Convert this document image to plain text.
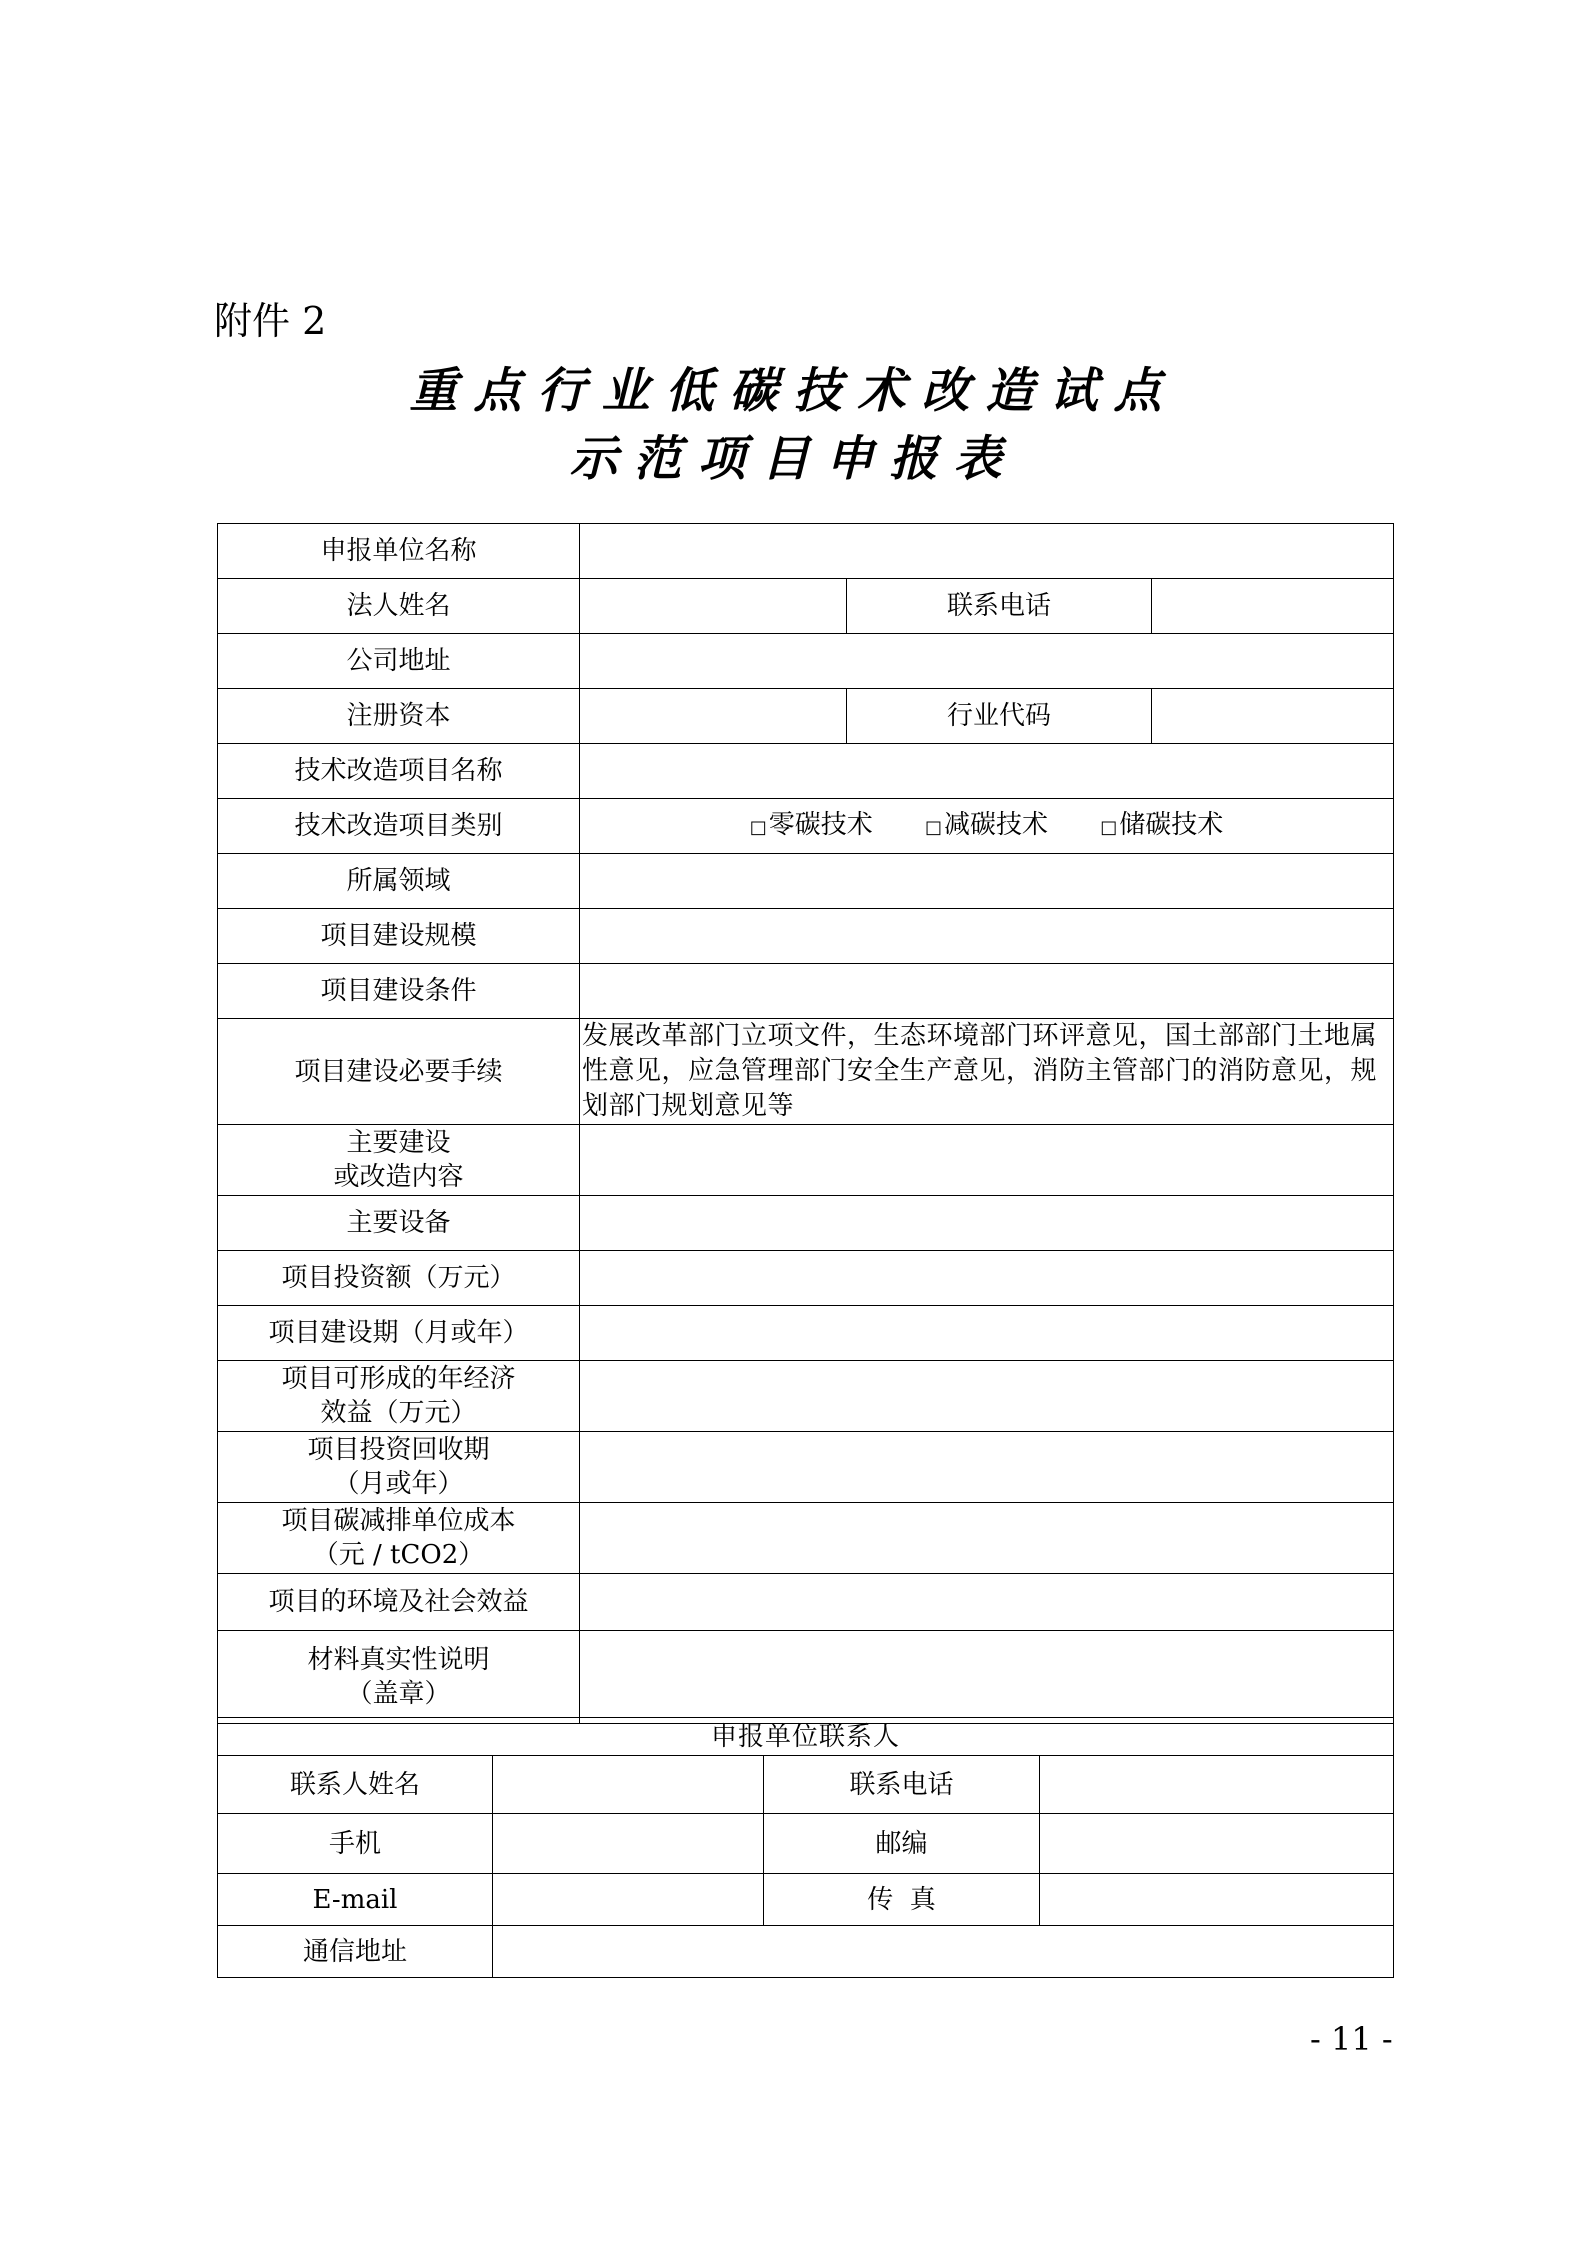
附件 2
重点行业低碳技术改造试点
示范项目申报表
申报单位名称			
法人姓名		联系电话	
公司地址			
注册资本		行业代码	
技术改造项目名称			
技术改造项目类别	□零碳技术 □减碳技术 □储碳技术		
所属领域			
项目建设规模			
项目建设条件			
项目建设必要手续	发展改革部门立项文件，生态环境部门环评意见，国土部部门土地属性意见，应急管理部门安全生产意见，消防主管部门的消防意见，规划部门规划意见等		

主要建设
或改造内容			

主要设备			
项目投资额（万元）			
项目建设期（月或年）			

项目可形成的年经济
效益（万元）			

项目投资回收期
（月或年）			

项目碳减排单位成本
（元 / tCO2）			

项目的环境及社会效益			

材料真实性说明
（盖章）			

申报单位联系人			
联系人姓名		联系电话	
手机		邮编	
E-mail		传  真	
通信地址			
- 11 -
